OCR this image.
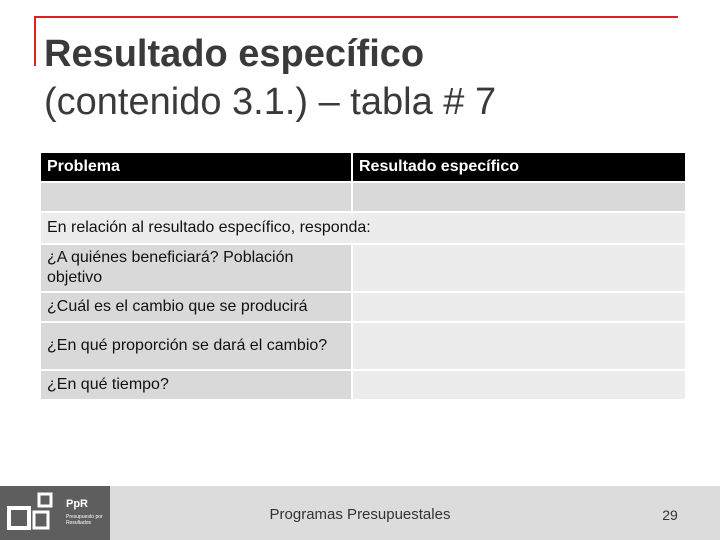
Resultado específico
(contenido 3.1.) – tabla # 7
Problema	Resultado específico

En relación al resultado específico, responda:	
¿A quiénes beneficiará? Población objetivo	
¿Cuál es el cambio que se producirá	
¿En qué proporción se dará el cambio?	
¿En qué tiempo?	
PpR
Presupuesto por Resultados	Programas Presupuestales	29
